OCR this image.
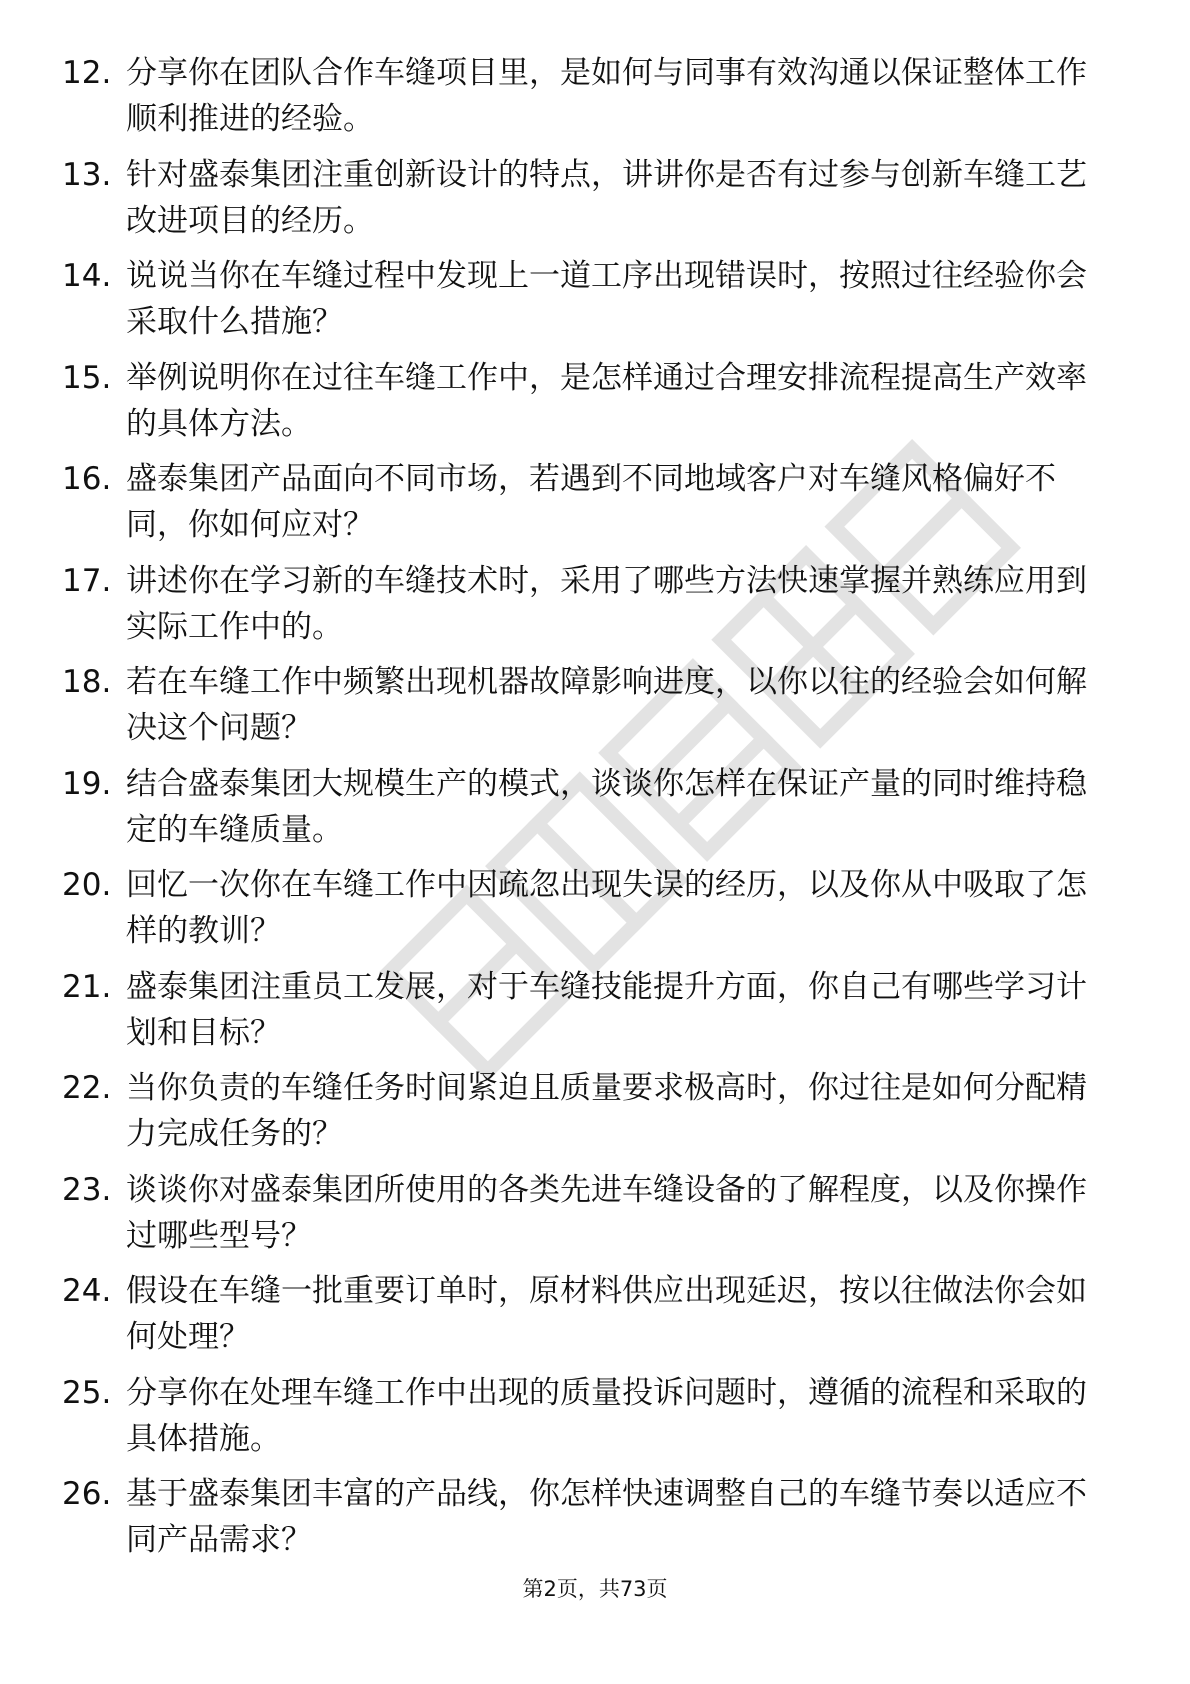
12. 分享你在团队合作车缝项目里，是如何与同事有效沟通以保证整体工作顺利推进的经验。
13. 针对盛泰集团注重创新设计的特点，讲讲你是否有过参与创新车缝工艺改进项目的经历。
14. 说说当你在车缝过程中发现上一道工序出现错误时，按照过往经验你会采取什么措施？
15. 举例说明你在过往车缝工作中，是怎样通过合理安排流程提高生产效率的具体方法。
16. 盛泰集团产品面向不同市场，若遇到不同地域客户对车缝风格偏好不同，你如何应对？
17. 讲述你在学习新的车缝技术时，采用了哪些方法快速掌握并熟练应用到实际工作中的。
18. 若在车缝工作中频繁出现机器故障影响进度，以你以往的经验会如何解决这个问题？
19. 结合盛泰集团大规模生产的模式，谈谈你怎样在保证产量的同时维持稳定的车缝质量。
20. 回忆一次你在车缝工作中因疏忽出现失误的经历，以及你从中吸取了怎样的教训？
21. 盛泰集团注重员工发展，对于车缝技能提升方面，你自己有哪些学习计划和目标？
22. 当你负责的车缝任务时间紧迫且质量要求极高时，你过往是如何分配精力完成任务的？
23. 谈谈你对盛泰集团所使用的各类先进车缝设备的了解程度，以及你操作过哪些型号？
24. 假设在车缝一批重要订单时，原材料供应出现延迟，按以往做法你会如何处理？
25. 分享你在处理车缝工作中出现的质量投诉问题时，遵循的流程和采取的具体措施。
26. 基于盛泰集团丰富的产品线，你怎样快速调整自己的车缝节奏以适应不同产品需求？
第2页，共73页
